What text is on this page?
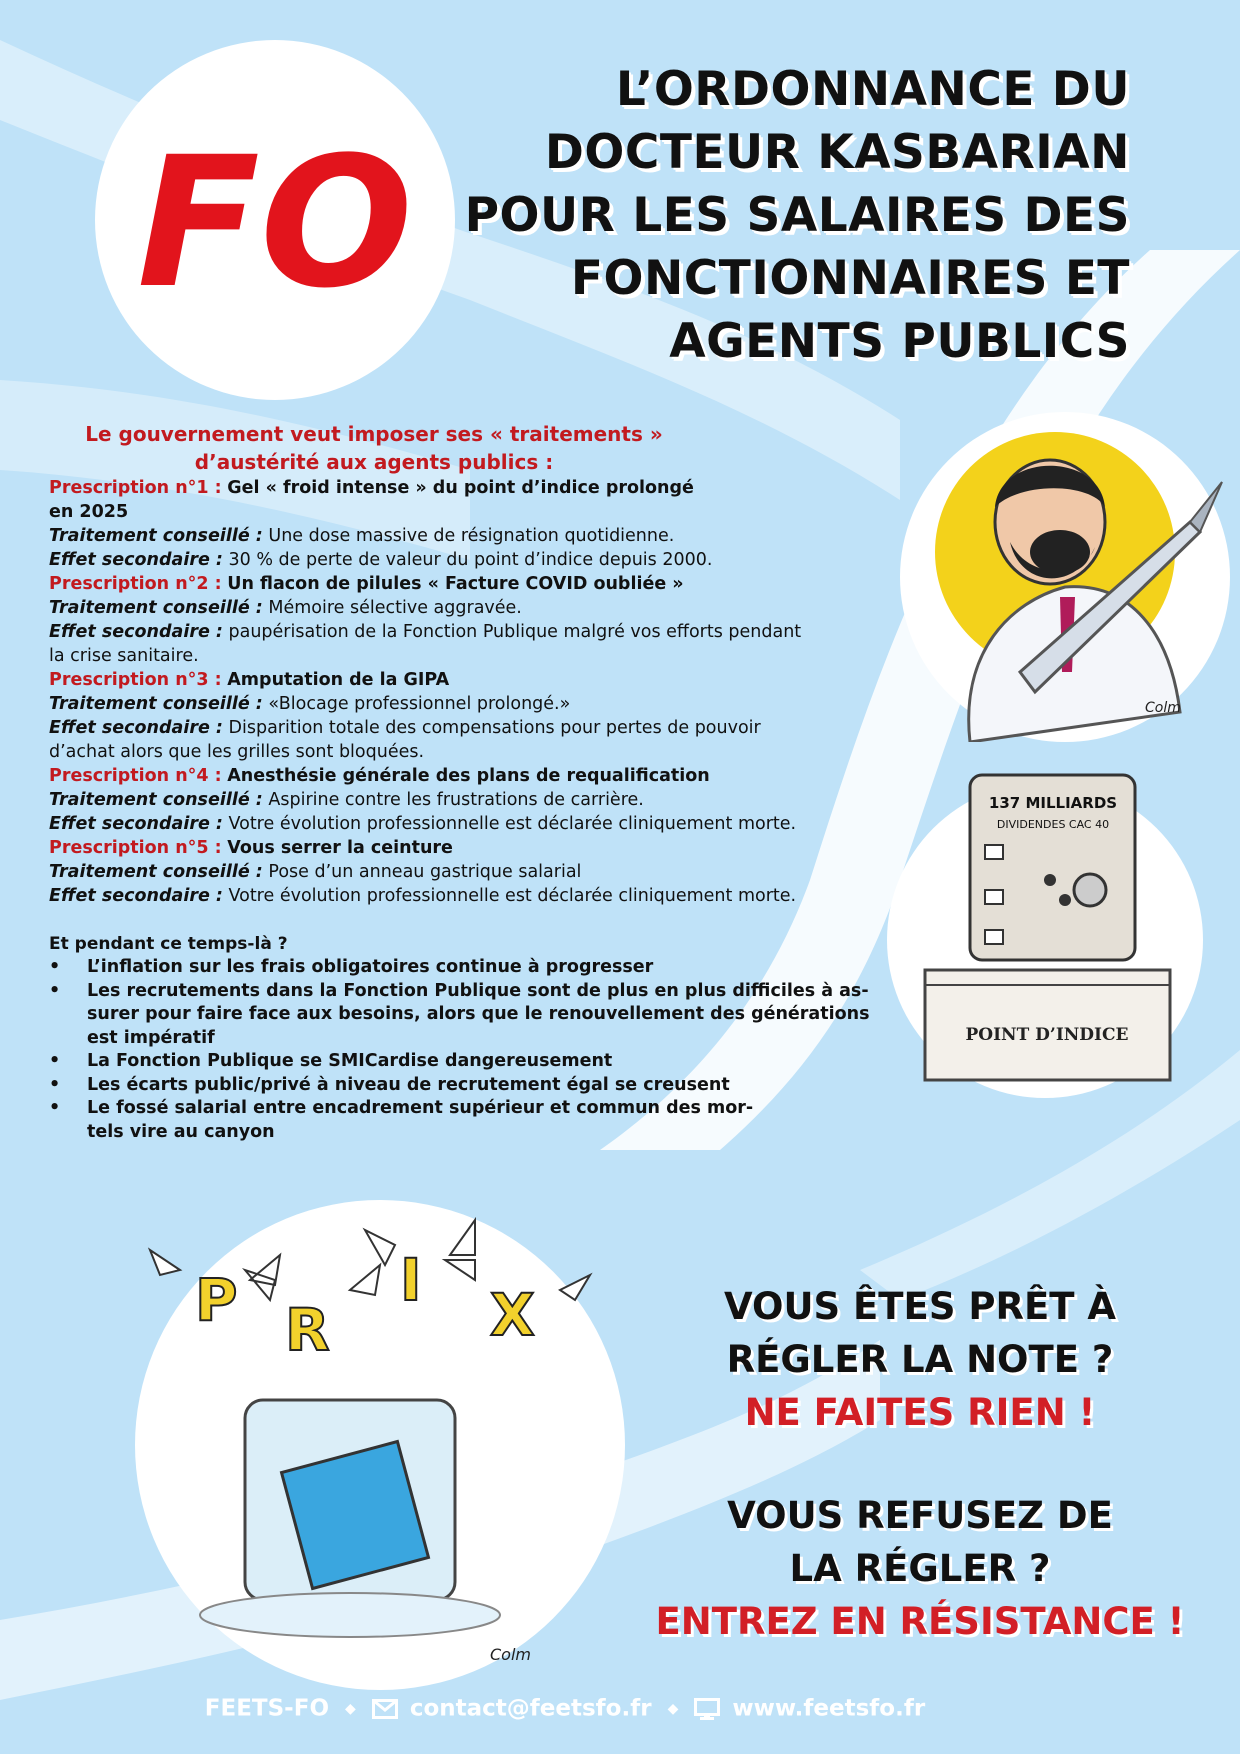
FO
L’ORDONNANCE DU
DOCTEUR KASBARIAN
POUR LES SALAIRES DES
FONCTIONNAIRES ET
AGENTS PUBLICS
Le gouvernement veut imposer ses « traitements »
d’austérité aux agents publics :

Prescription n°1 : Gel « froid intense » du point d’indice prolongé

en 2025

Traitement conseillé : Une dose massive de résignation quotidienne.

Effet secondaire : 30 % de perte de valeur du point d’indice depuis 2000.

Prescription n°2 : Un flacon de pilules « Facture COVID oubliée »

Traitement conseillé : Mémoire sélective aggravée.

Effet secondaire : paupérisation de la Fonction Publique malgré vos efforts pendant

la crise sanitaire.

Prescription n°3 : Amputation de la GIPA

Traitement conseillé : «Blocage professionnel prolongé.»

Effet secondaire : Disparition totale des compensations pour pertes de pouvoir

d’achat alors que les grilles sont bloquées.

Prescription n°4 : Anesthésie générale des plans de requalification

Traitement conseillé : Aspirine contre les frustrations de carrière.

Effet secondaire : Votre évolution professionnelle est déclarée cliniquement morte.

Prescription n°5 : Vous serrer la ceinture

Traitement conseillé : Pose d’un anneau gastrique salarial

Effet secondaire : Votre évolution professionnelle est déclarée cliniquement morte.

Et pendant ce temps-là ?
• L’inflation sur les frais obligatoires continue à progresser
• Les recrutements dans la Fonction Publique sont de plus en plus difficiles à as-
surer pour faire face aux besoins, alors que le renouvellement des générations
est impératif
• La Fonction Publique se SMICardise dangereusement
• Les écarts public/privé à niveau de recrutement égal se creusent
• Le fossé salarial entre encadrement supérieur et commun des mor-
tels vire au canyon
Colm
137 MILLIARDS
DIVIDENDES CAC 40
POINT D’INDICE
P R
I
X
Colm
VOUS ÊTES PRÊT À
RÉGLER LA NOTE ?
NE FAITES RIEN !
VOUS REFUSEZ DE
LA RÉGLER ?
ENTREZ EN RÉSISTANCE !
FEETS-FO ◆ contact@feetsfo.fr ◆ www.feetsfo.fr
